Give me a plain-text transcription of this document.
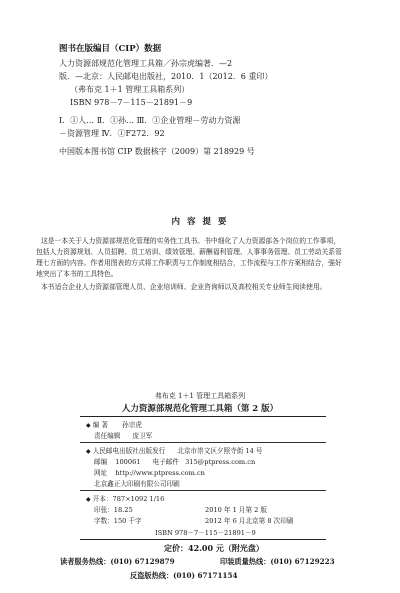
图书在版编目（CIP）数据
人力资源部规范化管理工具箱／孙宗虎编著．—2
版．—北京：人民邮电出版社，2010．1（2012．6 重印）
（弗布克 1＋1 管理工具箱系列）
ISBN 978－7－115－21891－9
Ⅰ．①人… Ⅱ．①孙… Ⅲ．①企业管理－劳动力资源
－资源管理 Ⅳ．①F272．92
中国版本图书馆 CIP 数据核字（2009）第 218929 号
内 容 提 要
这是一本关于人力资源部规范化管理的实务性工具书。书中细化了人力资源部各个岗位的工作事项，
包括人力资源规划、人员招聘、员工培训、绩效管理、薪酬福利管理、人事事务管理、员工劳动关系管
理七方面的内容。作者用图表的方式将工作职责与工作制度相结合，工作流程与工作方案相结合，强好
地突出了本书的工具特色。
本书适合企业人力资源部管理人员、企业培训师、企业咨询师以及高校相关专业师生阅读使用。
弗布克 1＋1 管理工具箱系列
人力资源部规范化管理工具箱（第 2 版）
◆ 编 著 孙宗虎
责任编辑 庞卫军
◆ 人民邮电出版社出版发行 北京市崇文区夕照寺街 14 号
邮编 100061 电子邮件 315@ptpress.com.cn
网址 http://www.ptpress.com.cn
北京鑫正大印刷有限公司印刷
◆ 开本：787×1092 1/16
印张：18.25	2010 年 1 月第 2 版
字数：150 千字	2012 年 6 月北京第 8 次印刷
ISBN 978－7－115－21891－9
定价：42.00 元（附光盘）
读者服务热线：(010) 67129879	印装质量热线：(010) 67129223
反盗版热线：(010) 67171154
